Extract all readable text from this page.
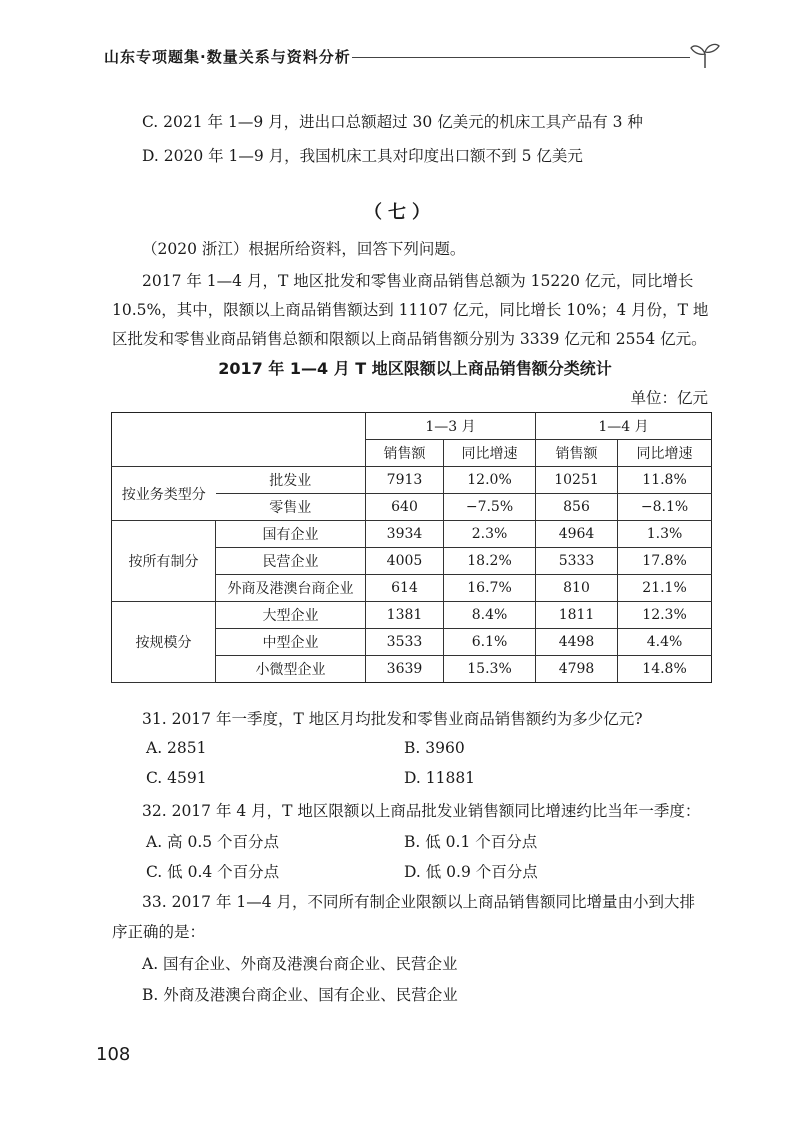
山东专项题集·数量关系与资料分析
C. 2021 年 1—9 月，进出口总额超过 30 亿美元的机床工具产品有 3 种
D. 2020 年 1—9 月，我国机床工具对印度出口额不到 5 亿美元
（七）
（2020 浙江）根据所给资料，回答下列问题。
2017 年 1—4 月，T 地区批发和零售业商品销售总额为 15220 亿元，同比增长
10.5%，其中，限额以上商品销售额达到 11107 亿元，同比增长 10%；4 月份，T 地
区批发和零售业商品销售总额和限额以上商品销售额分别为 3339 亿元和 2554 亿元。
2017 年 1—4 月 T 地区限额以上商品销售额分类统计
单位：亿元
		1—3 月		1—4 月	
		销售额	同比增速	销售额	同比增速
按业务类型分	批发业	7913	12.0%	10251	11.8%
	零售业	640	−7.5%	856	−8.1%
按所有制分	国有企业	3934	2.3%	4964	1.3%
	民营企业	4005	18.2%	5333	17.8%
	外商及港澳台商企业	614	16.7%	810	21.1%
按规模分	大型企业	1381	8.4%	1811	12.3%
	中型企业	3533	6.1%	4498	4.4%
	小微型企业	3639	15.3%	4798	14.8%
31. 2017 年一季度，T 地区月均批发和零售业商品销售额约为多少亿元?
A. 2851	B. 3960
C. 4591	D. 11881
32. 2017 年 4 月，T 地区限额以上商品批发业销售额同比增速约比当年一季度：
A. 高 0.5 个百分点	B. 低 0.1 个百分点
C. 低 0.4 个百分点	D. 低 0.9 个百分点
33. 2017 年 1—4 月，不同所有制企业限额以上商品销售额同比增量由小到大排
序正确的是：
A. 国有企业、外商及港澳台商企业、民营企业
B. 外商及港澳台商企业、国有企业、民营企业
108
